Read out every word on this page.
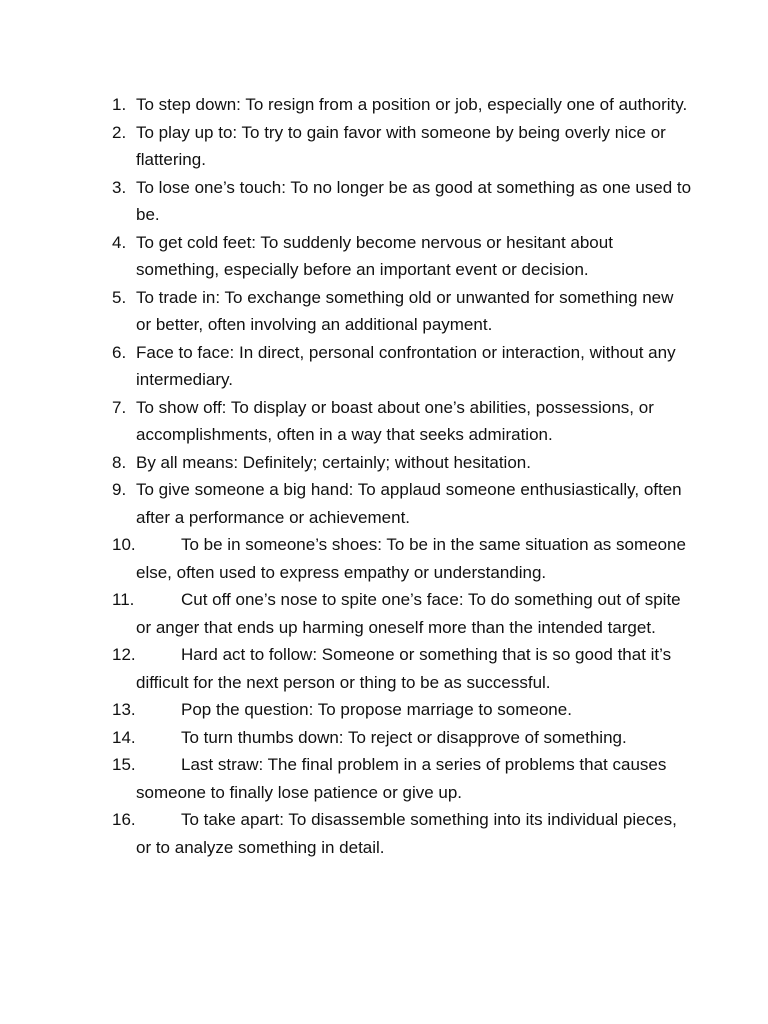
1. To step down: To resign from a position or job, especially one of authority.
2. To play up to: To try to gain favor with someone by being overly nice or flattering.
3. To lose one’s touch: To no longer be as good at something as one used to be.
4. To get cold feet: To suddenly become nervous or hesitant about something, especially before an important event or decision.
5. To trade in: To exchange something old or unwanted for something new or better, often involving an additional payment.
6. Face to face: In direct, personal confrontation or interaction, without any intermediary.
7. To show off: To display or boast about one’s abilities, possessions, or accomplishments, often in a way that seeks admiration.
8. By all means: Definitely; certainly; without hesitation.
9. To give someone a big hand: To applaud someone enthusiastically, often after a performance or achievement.
10.	To be in someone’s shoes: To be in the same situation as someone else, often used to express empathy or understanding.
11.	Cut off one’s nose to spite one’s face: To do something out of spite or anger that ends up harming oneself more than the intended target.
12.	Hard act to follow: Someone or something that is so good that it’s difficult for the next person or thing to be as successful.
13.	Pop the question: To propose marriage to someone.
14.	To turn thumbs down: To reject or disapprove of something.
15.	Last straw: The final problem in a series of problems that causes someone to finally lose patience or give up.
16.	To take apart: To disassemble something into its individual pieces, or to analyze something in detail.
